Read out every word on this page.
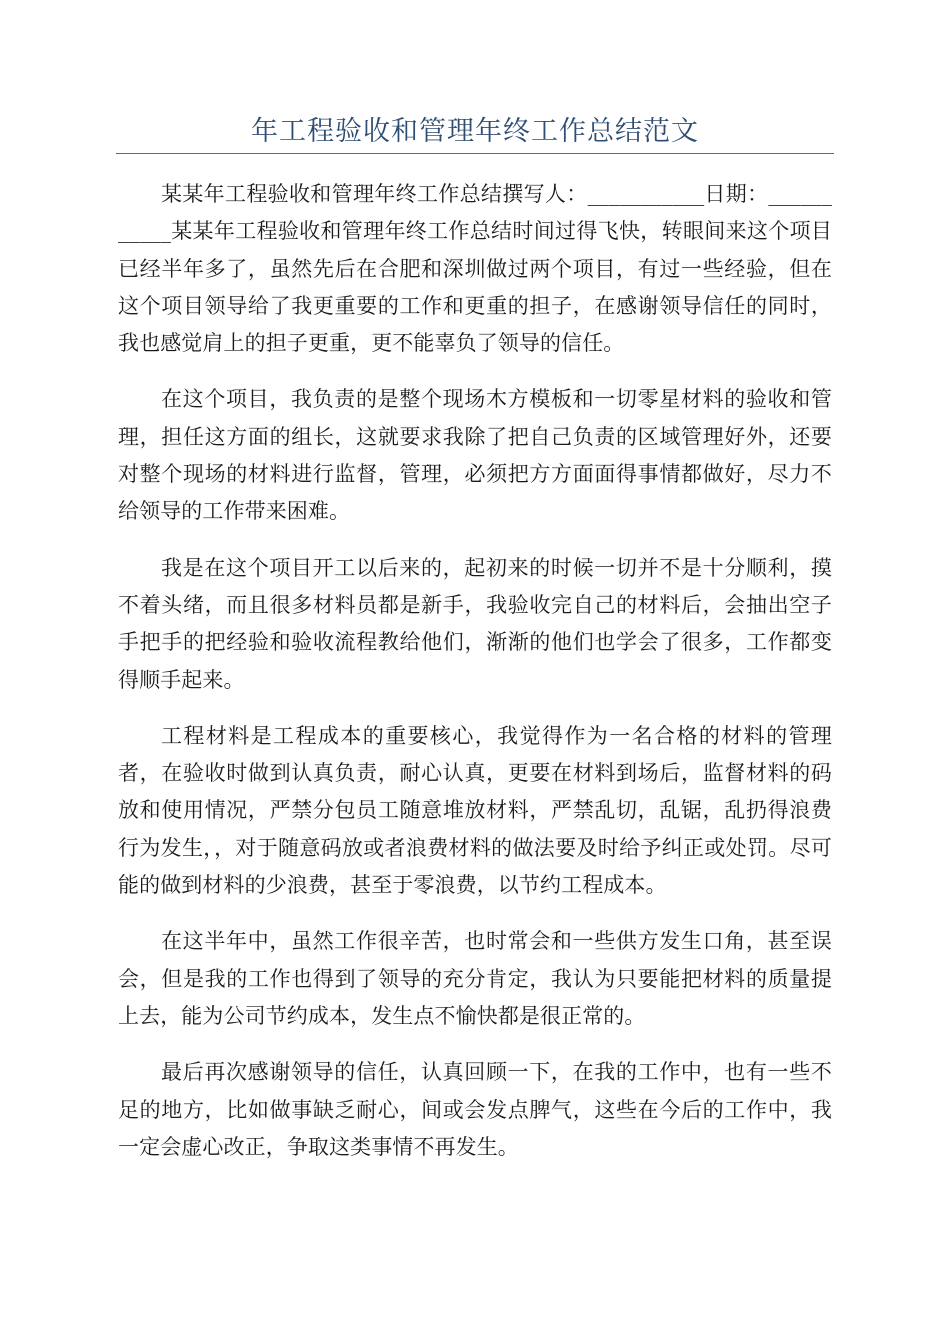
年工程验收和管理年终工作总结范文

某某年工程验收和管理年终工作总结撰写人：___________日期：___________某某年工程验收和管理年终工作总结时间过得飞快，转眼间来这个项目已经半年多了，虽然先后在合肥和深圳做过两个项目，有过一些经验，但在这个项目领导给了我更重要的工作和更重的担子，在感谢领导信任的同时，我也感觉肩上的担子更重，更不能辜负了领导的信任。

在这个项目，我负责的是整个现场木方模板和一切零星材料的验收和管理，担任这方面的组长，这就要求我除了把自己负责的区域管理好外，还要对整个现场的材料进行监督，管理，必须把方方面面得事情都做好，尽力不给领导的工作带来困难。

我是在这个项目开工以后来的，起初来的时候一切并不是十分顺利，摸不着头绪，而且很多材料员都是新手，我验收完自己的材料后，会抽出空子手把手的把经验和验收流程教给他们，渐渐的他们也学会了很多，工作都变得顺手起来。

工程材料是工程成本的重要核心，我觉得作为一名合格的材料的管理者，在验收时做到认真负责，耐心认真，更要在材料到场后，监督材料的码放和使用情况，严禁分包员工随意堆放材料，严禁乱切，乱锯，乱扔得浪费行为发生，，对于随意码放或者浪费材料的做法要及时给予纠正或处罚。尽可能的做到材料的少浪费，甚至于零浪费，以节约工程成本。

在这半年中，虽然工作很辛苦，也时常会和一些供方发生口角，甚至误会，但是我的工作也得到了领导的充分肯定，我认为只要能把材料的质量提上去，能为公司节约成本，发生点不愉快都是很正常的。

最后再次感谢领导的信任，认真回顾一下，在我的工作中，也有一些不足的地方，比如做事缺乏耐心，间或会发点脾气，这些在今后的工作中，我一定会虚心改正，争取这类事情不再发生。
